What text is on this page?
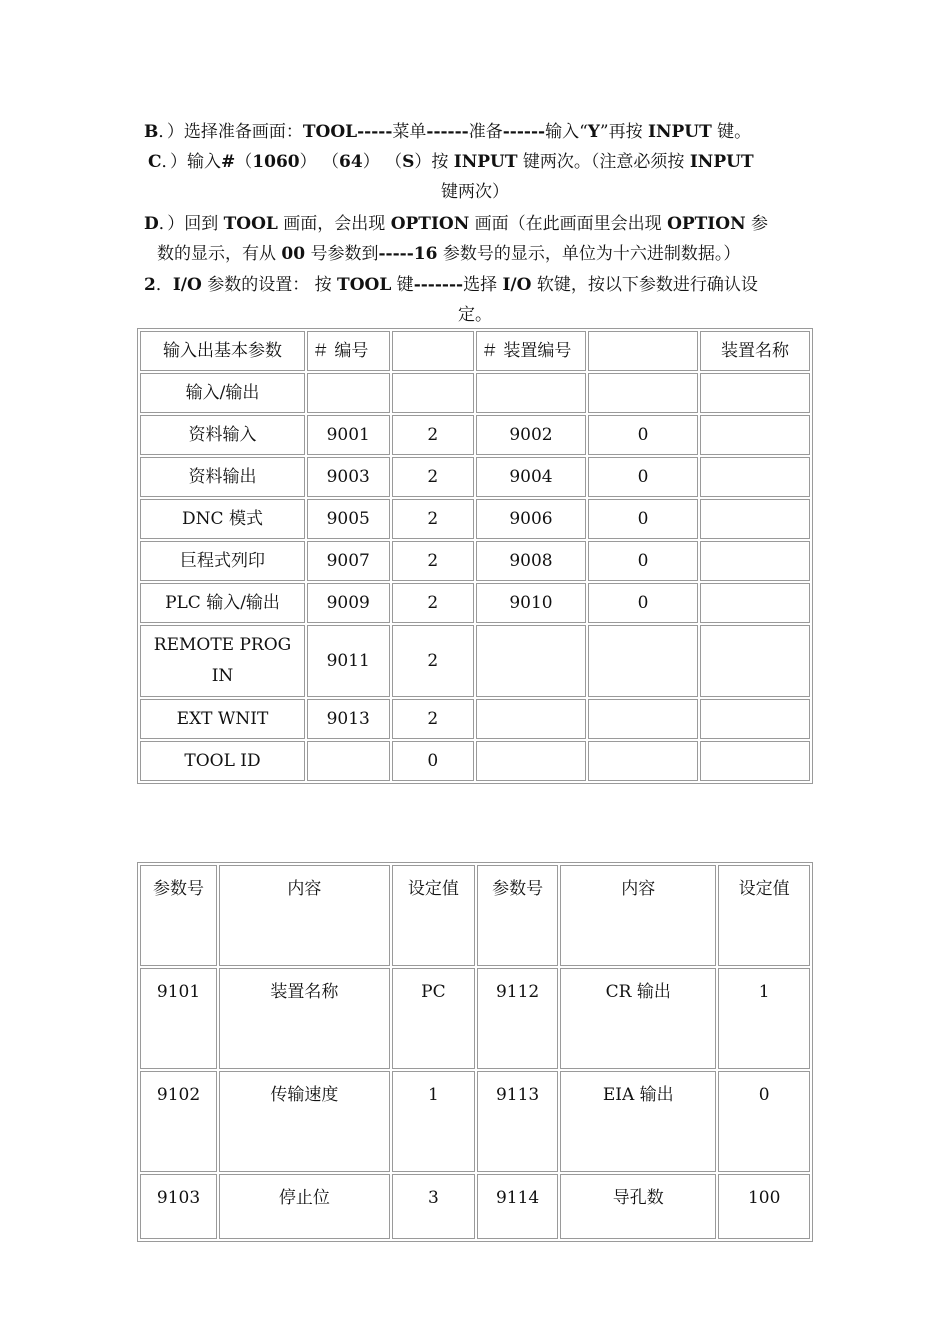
B．）选择准备画面：TOOL-----菜单------准备------输入“Y”再按 INPUT 键。
C．）输入#（1060） （64） （S）按 INPUT 键两次。（注意必须按 INPUT
键两次）
D．）回到 TOOL 画面，会出现 OPTION 画面（在此画面里会出现 OPTION 参
数的显示，有从 00 号参数到-----16 参数号的显示，单位为十六进制数据。）
2．I/O 参数的设置： 按 TOOL 键-------选择 I/O 软键，按以下参数进行确认设
定。
输入出基本参数	＃ 编号		＃ 装置编号		装置名称
输入/输出					
资料输入	9001	2	9002	0	
资料输出	9003	2	9004	0	
DNC 模式	9005	2	9006	0	
巨程式列印	9007	2	9008	0	
PLC 输入/输出	9009	2	9010	0	
REMOTE PROG IN	9011	2			
EXT WNIT	9013	2			
TOOL ID		0			
参数号	内容	设定值	参数号	内容	设定值
9101	装置名称	PC	9112	CR 输出	1
9102	传输速度	1	9113	EIA 输出	0
9103	停止位	3	9114	导孔数	100
